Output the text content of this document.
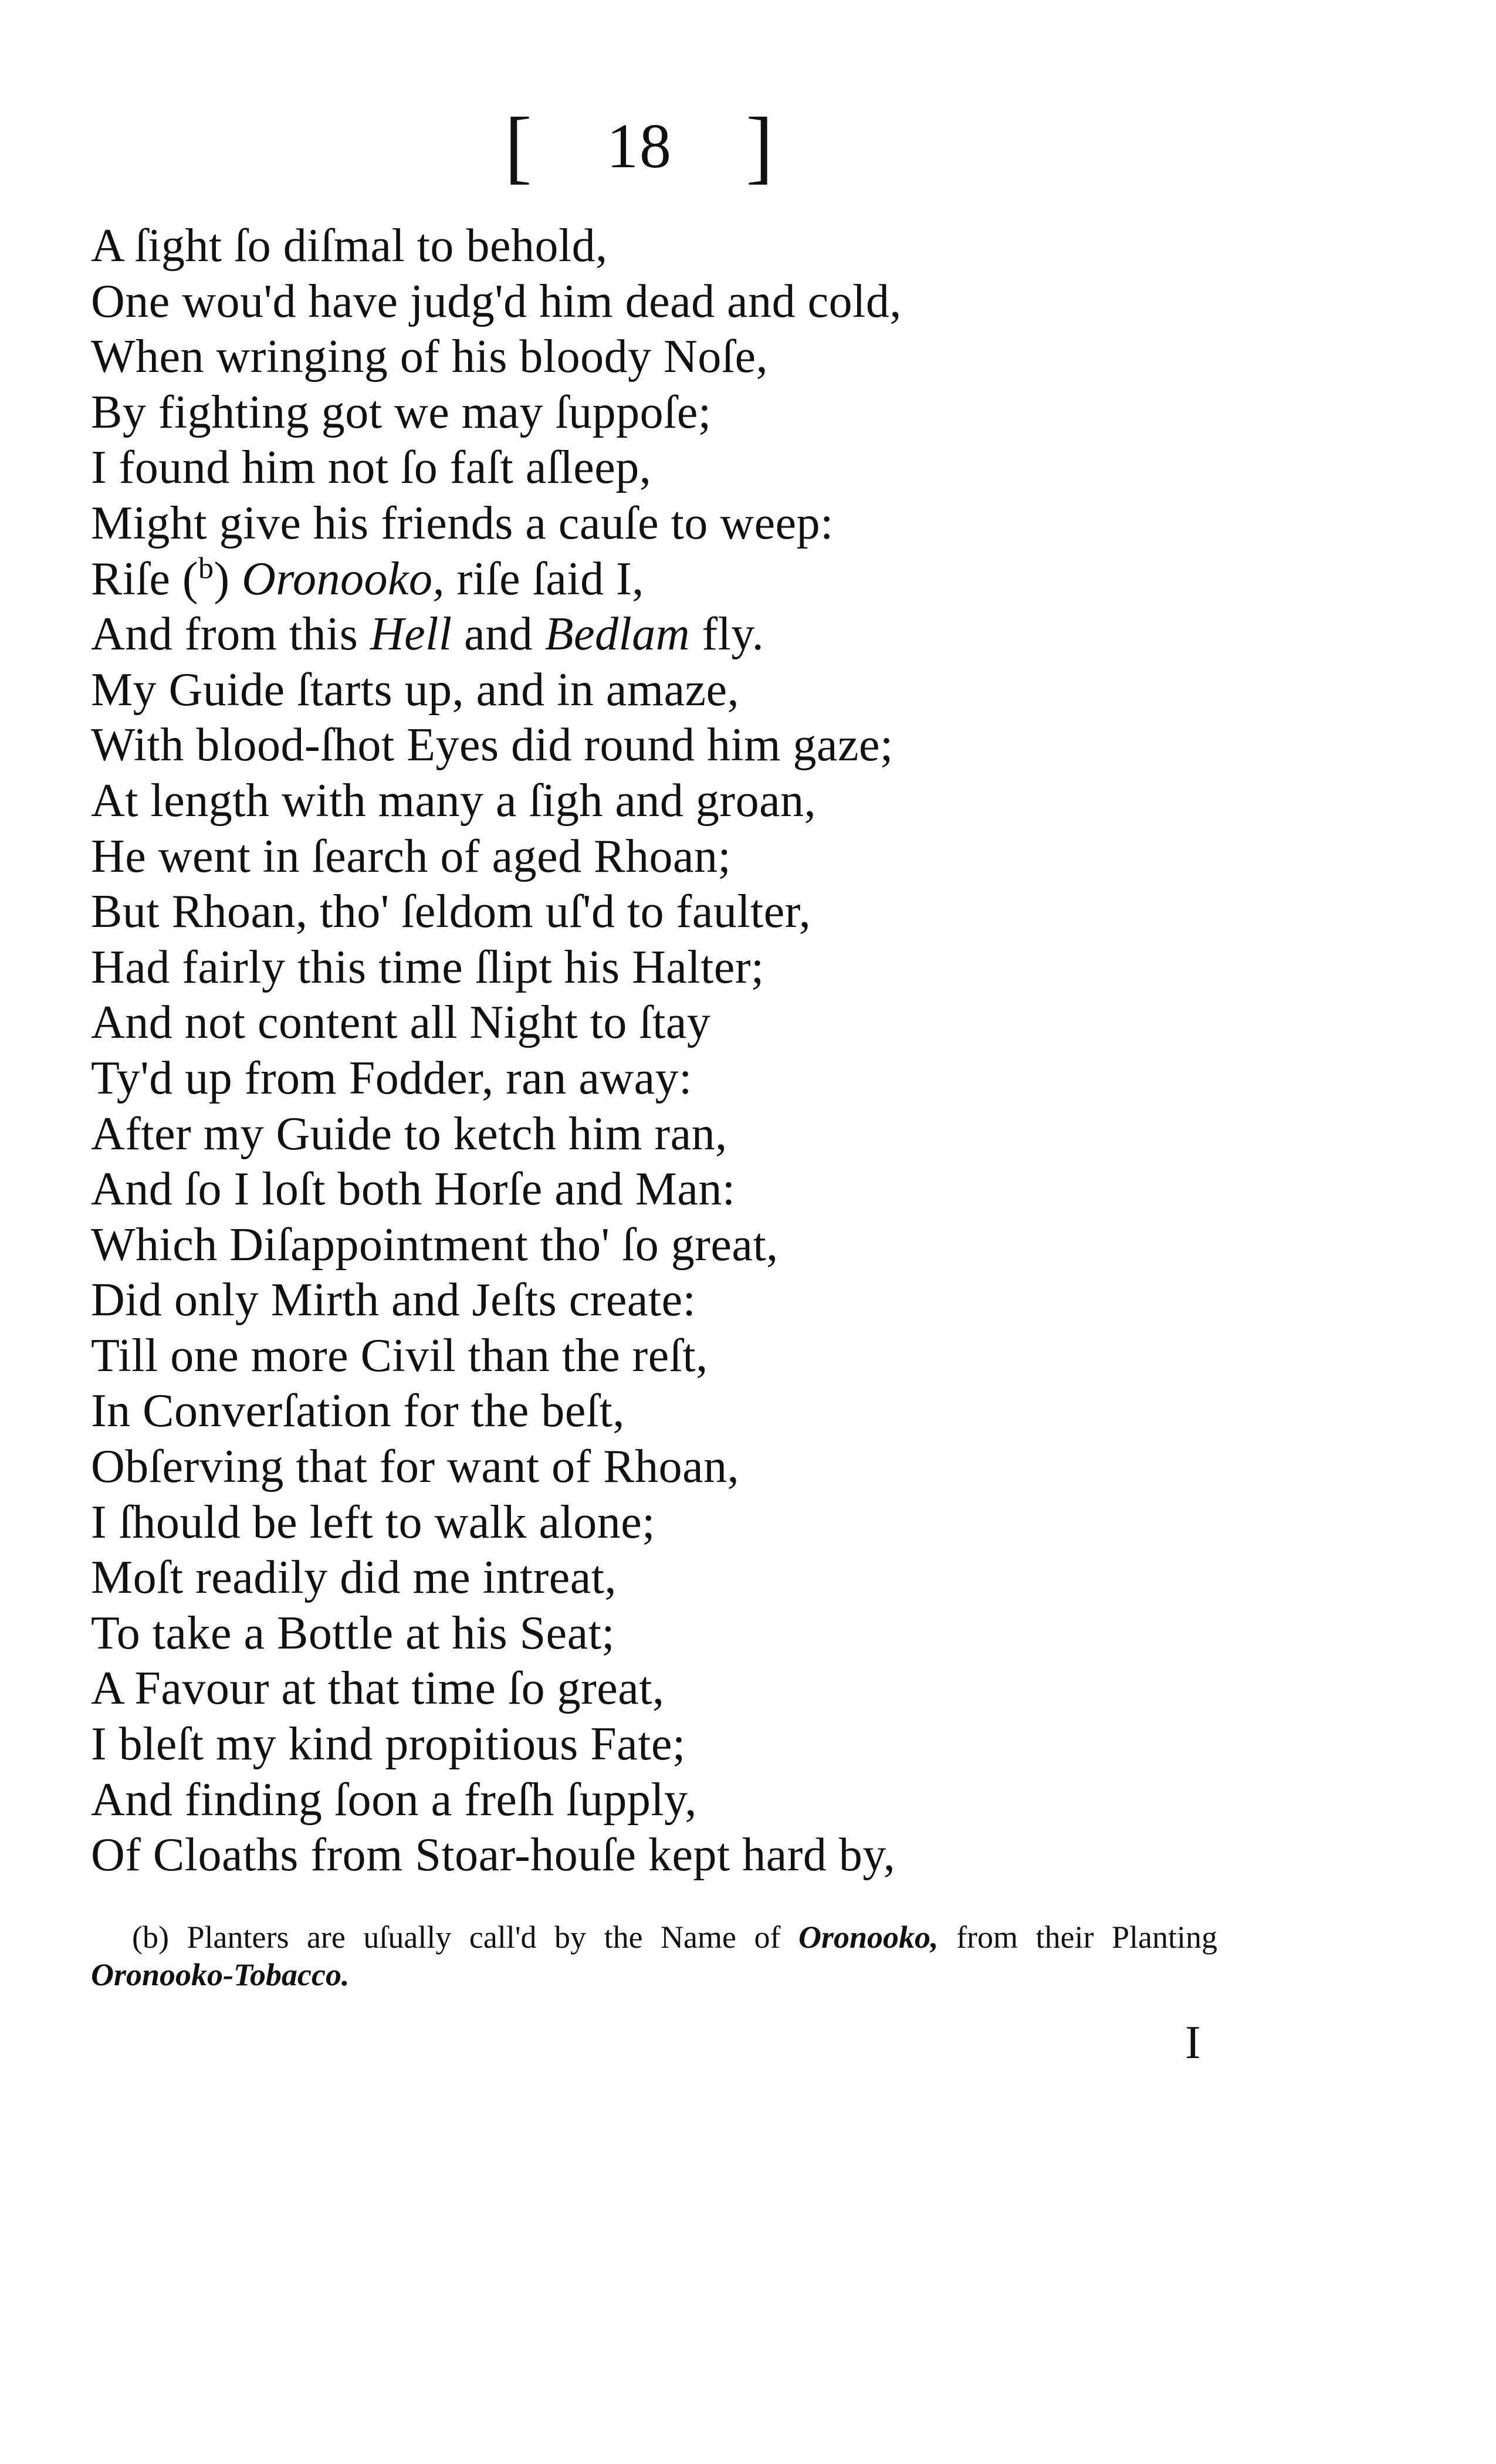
[ 18 ]
A ſight ſo diſmal to behold,
One wou'd have judg'd him dead and cold,
When wringing of his bloody Noſe,
By fighting got we may ſuppoſe;
I found him not ſo faſt aſleep,
Might give his friends a cauſe to weep:
Riſe ($^b$) Oronooko, riſe ſaid I,
And from this Hell and Bedlam fly.
My Guide ſtarts up, and in amaze,
With blood-ſhot Eyes did round him gaze;
At length with many a ſigh and groan,
He went in ſearch of aged Rhoan;
But Rhoan, tho' ſeldom uſ'd to faulter,
Had fairly this time ſlipt his Halter;
And not content all Night to ſtay
Ty'd up from Fodder, ran away:
After my Guide to ketch him ran,
And ſo I loſt both Horſe and Man:
Which Diſappointment tho' ſo great,
Did only Mirth and Jeſts create:
Till one more Civil than the reſt,
In Converſation for the beſt,
Obſerving that for want of Rhoan,
I ſhould be left to walk alone;
Moſt readily did me intreat,
To take a Bottle at his Seat;
A Favour at that time ſo great,
I bleſt my kind propitious Fate;
And finding ſoon a freſh ſupply,
Of Cloaths from Stoar-houſe kept hard by,
(b) Planters are uſually call'd by the Name of Oronooko, from their Planting Oronooko-Tobacco.
I
